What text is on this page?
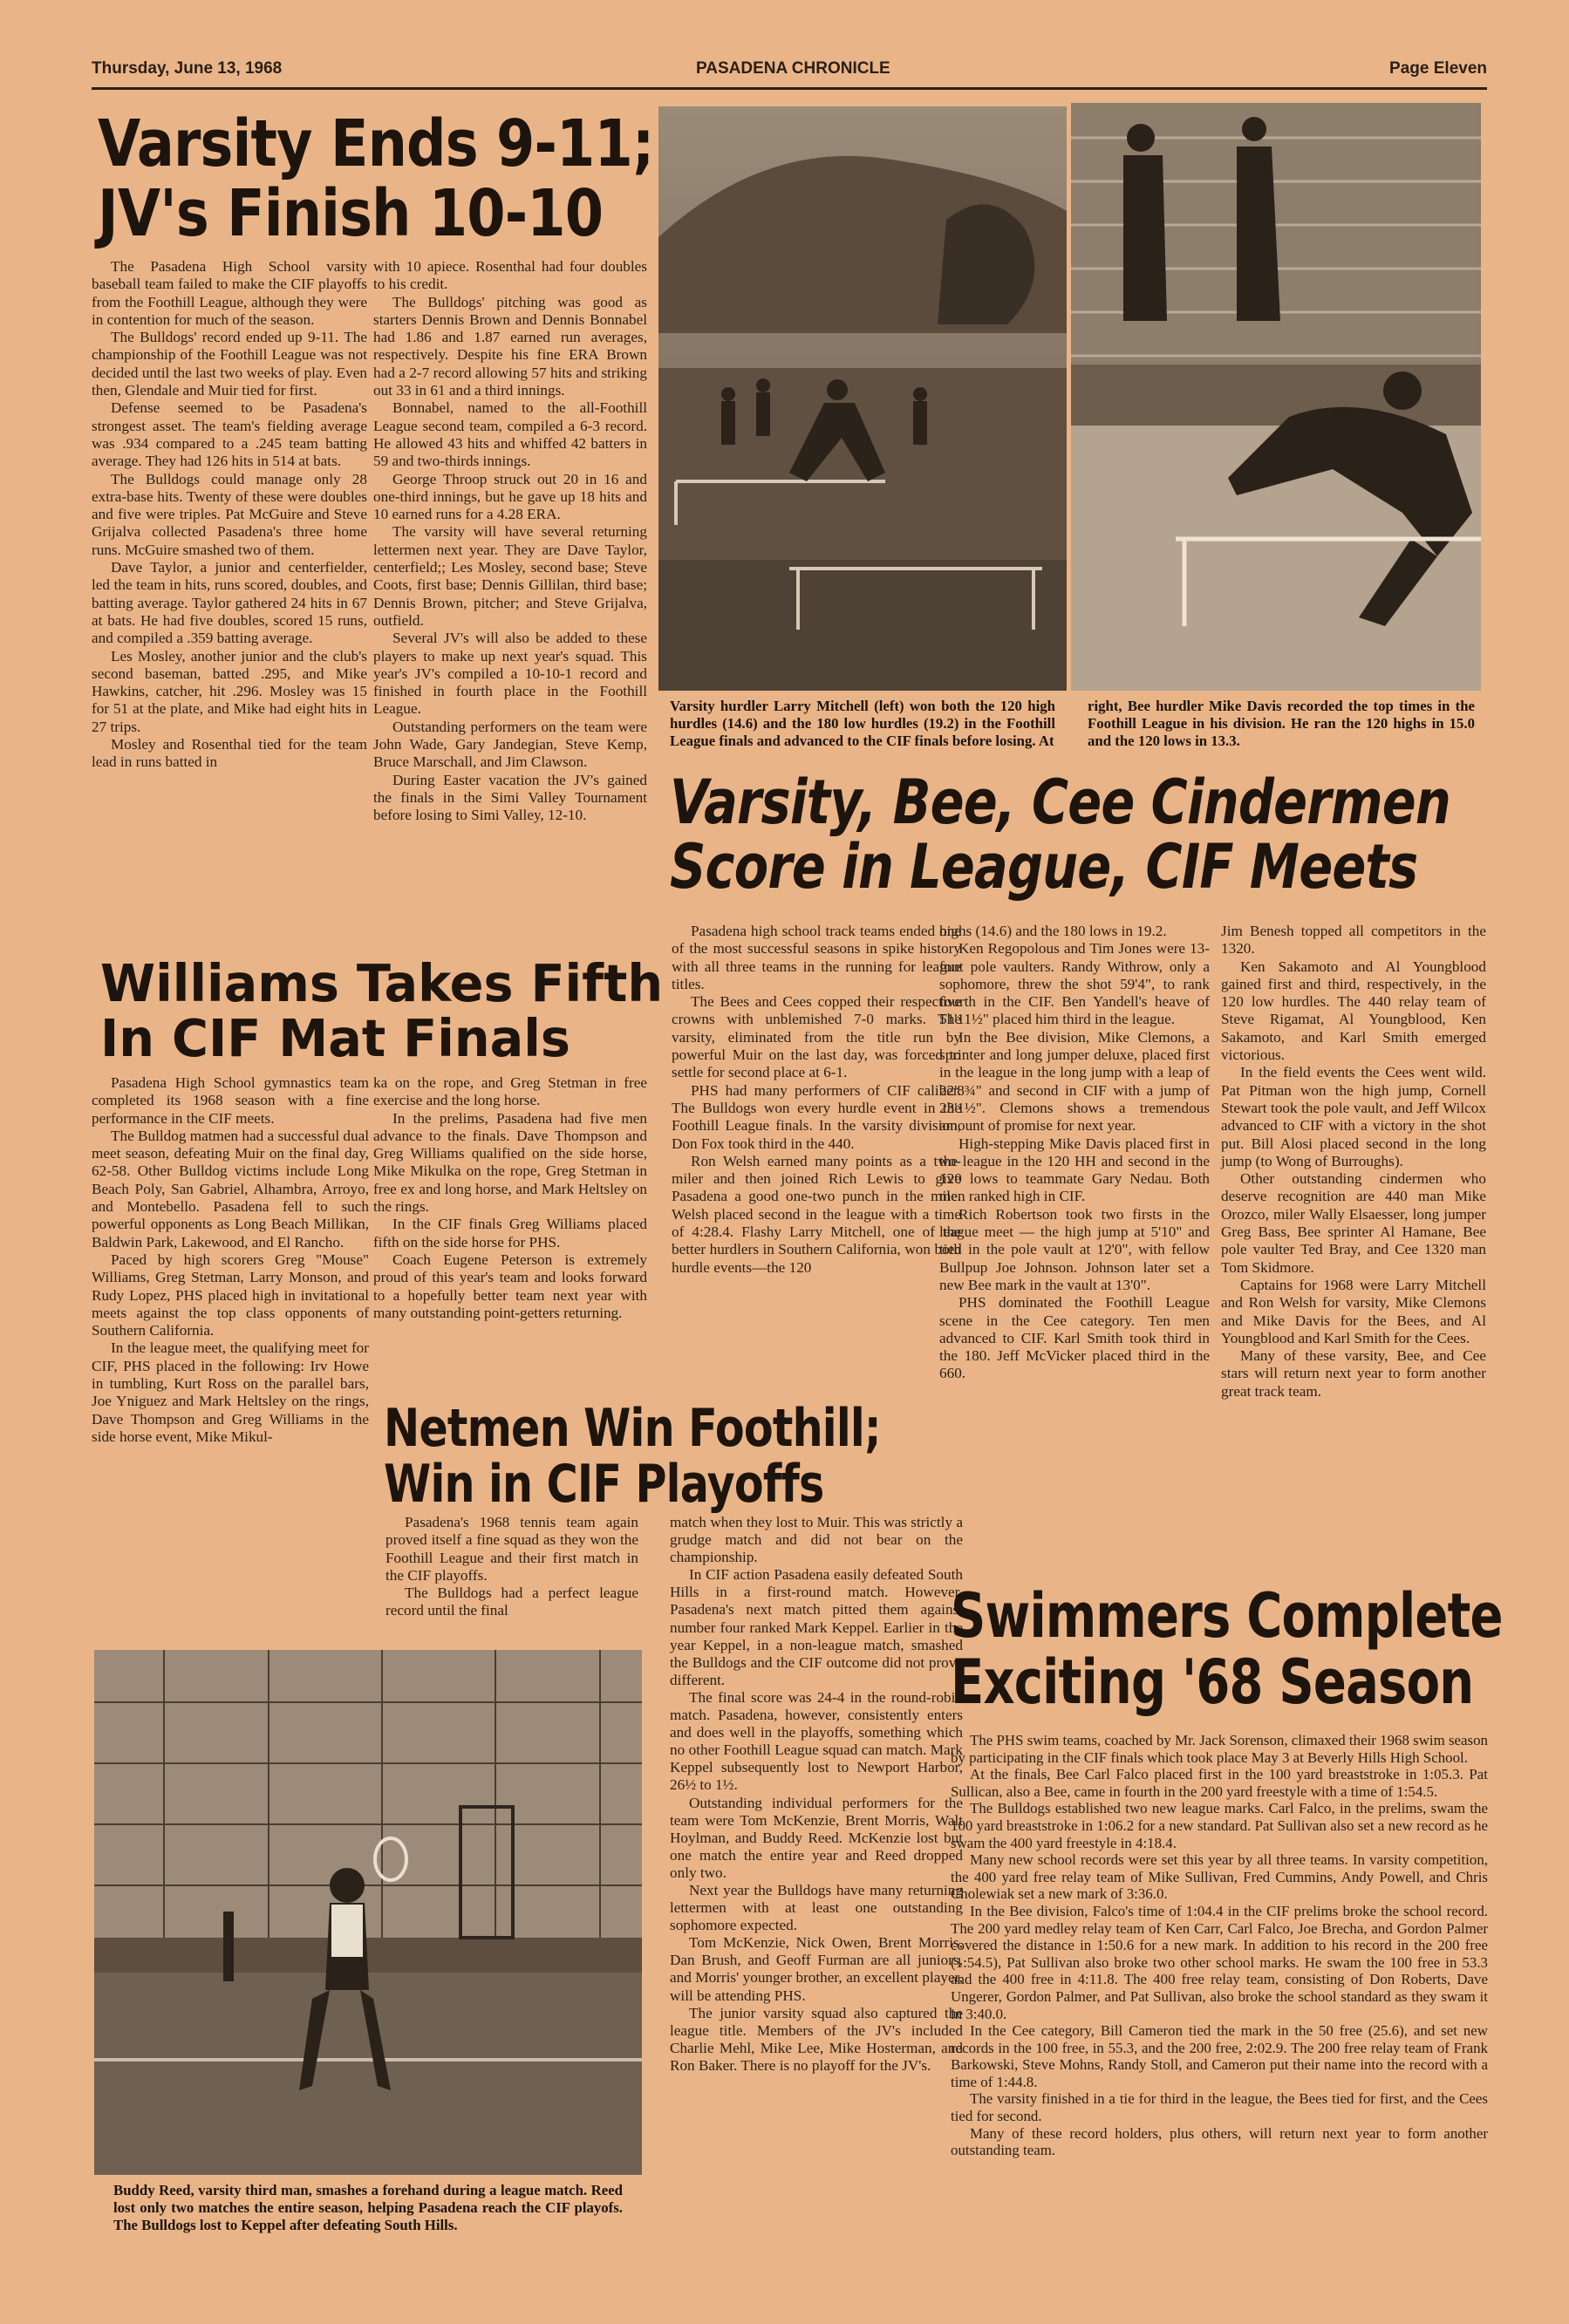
Thursday, June 13, 1968	PASADENA CHRONICLE	Page Eleven
Varsity Ends 9-11;
JV's Finish 10-10

The Pasadena High School varsity baseball team failed to make the CIF playoffs from the Foothill League, although they were in contention for much of the season.

The Bulldogs' record ended up 9-11. The championship of the Foothill League was not decided until the last two weeks of play. Even then, Glendale and Muir tied for first.

Defense seemed to be Pasadena's strongest asset. The team's fielding average was .934 compared to a .245 team batting average. They had 126 hits in 514 at bats.

The Bulldogs could manage only 28 extra-base hits. Twenty of these were doubles and five were triples. Pat McGuire and Steve Grijalva collected Pasadena's three home runs. McGuire smashed two of them.

Dave Taylor, a junior and centerfielder, led the team in hits, runs scored, doubles, and batting average. Taylor gathered 24 hits in 67 at bats. He had five doubles, scored 15 runs, and compiled a .359 batting average.

Les Mosley, another junior and the club's second baseman, batted .295, and Mike Hawkins, catcher, hit .296. Mosley was 15 for 51 at the plate, and Mike had eight hits in 27 trips.

Mosley and Rosenthal tied for the team lead in runs batted in

with 10 apiece. Rosenthal had four doubles to his credit.

The Bulldogs' pitching was good as starters Dennis Brown and Dennis Bonnabel had 1.86 and 1.87 earned run averages, respectively. Despite his fine ERA Brown had a 2-7 record allowing 57 hits and striking out 33 in 61 and a third innings.

Bonnabel, named to the all-Foothill League second team, compiled a 6-3 record. He allowed 43 hits and whiffed 42 batters in 59 and two-thirds innings.

George Throop struck out 20 in 16 and one-third innings, but he gave up 18 hits and 10 earned runs for a 4.28 ERA.

The varsity will have several returning lettermen next year. They are Dave Taylor, centerfield;; Les Mosley, second base; Steve Coots, first base; Dennis Gillilan, third base; Dennis Brown, pitcher; and Steve Grijalva, outfield.

Several JV's will also be added to these players to make up next year's squad. This year's JV's compiled a 10-10-1 record and finished in fourth place in the Foothill League.

Outstanding performers on the team were John Wade, Gary Jandegian, Steve Kemp, Bruce Marschall, and Jim Clawson.

During Easter vacation the JV's gained the finals in the Simi Valley Tournament before losing to Simi Valley, 12-10.

Varsity hurdler Larry Mitchell (left) won both the 120 high hurdles (14.6) and the 180 low hurdles (19.2) in the Foothill League finals and advanced to the CIF finals before losing. At
right, Bee hurdler Mike Davis recorded the top times in the Foothill League in his division. He ran the 120 highs in 15.0 and the 120 lows in 13.3.
Varsity, Bee, Cee Cindermen
Score in League, CIF Meets

Pasadena high school track teams ended one of the most successful seasons in spike history with all three teams in the running for league titles.

The Bees and Cees copped their respective crowns with unblemished 7-0 marks. The varsity, eliminated from the title run by powerful Muir on the last day, was forced to settle for second place at 6-1.

PHS had many performers of CIF caliber. The Bulldogs won every hurdle event in the Foothill League finals. In the varsity division, Don Fox took third in the 440.

Ron Welsh earned many points as a two-miler and then joined Rich Lewis to give Pasadena a good one-two punch in the mile. Welsh placed second in the league with a time of 4:28.4. Flashy Larry Mitchell, one of the better hurdlers in Southern California, won both hurdle events—the 120

highs (14.6) and the 180 lows in 19.2.

Ken Regopolous and Tim Jones were 13-foot pole vaulters. Randy Withrow, only a sophomore, threw the shot 59'4", to rank fourth in the CIF. Ben Yandell's heave of 51'11½" placed him third in the league.

In the Bee division, Mike Clemons, a sprinter and long jumper deluxe, placed first in the league in the long jump with a leap of 22'8¾" and second in CIF with a jump of 23'1½". Clemons shows a tremendous amount of promise for next year.

High-stepping Mike Davis placed first in the league in the 120 HH and second in the 120 lows to teammate Gary Nedau. Both men ranked high in CIF.

Rich Robertson took two firsts in the league meet — the high jump at 5'10" and tied in the pole vault at 12'0", with fellow Bullpup Joe Johnson. Johnson later set a new Bee mark in the vault at 13'0".

PHS dominated the Foothill League scene in the Cee category. Ten men advanced to CIF. Karl Smith took third in the 180. Jeff McVicker placed third in the 660.

Jim Benesh topped all competitors in the 1320.

Ken Sakamoto and Al Youngblood gained first and third, respectively, in the 120 low hurdles. The 440 relay team of Steve Rigamat, Al Youngblood, Ken Sakamoto, and Karl Smith emerged victorious.

In the field events the Cees went wild. Pat Pitman won the high jump, Cornell Stewart took the pole vault, and Jeff Wilcox advanced to CIF with a victory in the shot put. Bill Alosi placed second in the long jump (to Wong of Burroughs).

Other outstanding cindermen who deserve recognition are 440 man Mike Orozco, miler Wally Elsaesser, long jumper Greg Bass, Bee sprinter Al Hamane, Bee pole vaulter Ted Bray, and Cee 1320 man Tom Skidmore.

Captains for 1968 were Larry Mitchell and Ron Welsh for varsity, Mike Clemons and Mike Davis for the Bees, and Al Youngblood and Karl Smith for the Cees.

Many of these varsity, Bee, and Cee stars will return next year to form another great track team.

Williams Takes Fifth
In CIF Mat Finals

Pasadena High School gymnastics team completed its 1968 season with a fine performance in the CIF meets.

The Bulldog matmen had a successful dual meet season, defeating Muir on the final day, 62-58. Other Bulldog victims include Long Beach Poly, San Gabriel, Alhambra, Arroyo, and Montebello. Pasadena fell to such powerful opponents as Long Beach Millikan, Baldwin Park, Lakewood, and El Rancho.

Paced by high scorers Greg "Mouse" Williams, Greg Stetman, Larry Monson, and Rudy Lopez, PHS placed high in invitational meets against the top class opponents of Southern California.

In the league meet, the qualifying meet for CIF, PHS placed in the following: Irv Howe in tumbling, Kurt Ross on the parallel bars, Joe Yniguez and Mark Heltsley on the rings, Dave Thompson and Greg Williams in the side horse event, Mike Mikul-

ka on the rope, and Greg Stetman in free exercise and the long horse.

In the prelims, Pasadena had five men advance to the finals. Dave Thompson and Greg Williams qualified on the side horse, Mike Mikulka on the rope, Greg Stetman in free ex and long horse, and Mark Heltsley on the rings.

In the CIF finals Greg Williams placed fifth on the side horse for PHS.

Coach Eugene Peterson is extremely proud of this year's team and looks forward to a hopefully better team next year with many outstanding point-getters returning.

Netmen Win Foothill;
Win in CIF Playoffs

Pasadena's 1968 tennis team again proved itself a fine squad as they won the Foothill League and their first match in the CIF playoffs.

The Bulldogs had a perfect league record until the final

match when they lost to Muir. This was strictly a grudge match and did not bear on the championship.

In CIF action Pasadena easily defeated South Hills in a first-round match. However, Pasadena's next match pitted them against number four ranked Mark Keppel. Earlier in the year Keppel, in a non-league match, smashed the Bulldogs and the CIF outcome did not prove different.

The final score was 24-4 in the round-robin match. Pasadena, however, consistently enters and does well in the playoffs, something which no other Foothill League squad can match. Mark Keppel subsequently lost to Newport Harbor, 26½ to 1½.

Outstanding individual performers for the team were Tom McKenzie, Brent Morris, Walt Hoylman, and Buddy Reed. McKenzie lost but one match the entire year and Reed dropped only two.

Next year the Bulldogs have many returning lettermen with at least one outstanding sophomore expected.

Tom McKenzie, Nick Owen, Brent Morris, Dan Brush, and Geoff Furman are all juniors, and Morris' younger brother, an excellent player, will be attending PHS.

The junior varsity squad also captured the league title. Members of the JV's included Charlie Mehl, Mike Lee, Mike Hosterman, and Ron Baker. There is no playoff for the JV's.

Buddy Reed, varsity third man, smashes a forehand during a league match. Reed lost only two matches the entire season, helping Pasadena reach the CIF playofs. The Bulldogs lost to Keppel after defeating South Hills.
Swimmers Complete
Exciting '68 Season

The PHS swim teams, coached by Mr. Jack Sorenson, climaxed their 1968 swim season by participating in the CIF finals which took place May 3 at Beverly Hills High School.

At the finals, Bee Carl Falco placed first in the 100 yard breaststroke in 1:05.3. Pat Sullican, also a Bee, came in fourth in the 200 yard freestyle with a time of 1:54.5.

The Bulldogs established two new league marks. Carl Falco, in the prelims, swam the 100 yard breaststroke in 1:06.2 for a new standard. Pat Sullivan also set a new record as he swam the 400 yard freestyle in 4:18.4.

Many new school records were set this year by all three teams. In varsity competition, the 400 yard free relay team of Mike Sullivan, Fred Cummins, Andy Powell, and Chris Cholewiak set a new mark of 3:36.0.

In the Bee division, Falco's time of 1:04.4 in the CIF prelims broke the school record. The 200 yard medley relay team of Ken Carr, Carl Falco, Joe Brecha, and Gordon Palmer covered the distance in 1:50.6 for a new mark. In addition to his record in the 200 free (1:54.5), Pat Sullivan also broke two other school marks. He swam the 100 free in 53.3 and the 400 free in 4:11.8. The 400 free relay team, consisting of Don Roberts, Dave Ungerer, Gordon Palmer, and Pat Sullivan, also broke the school standard as they swam it in 3:40.0.

In the Cee category, Bill Cameron tied the mark in the 50 free (25.6), and set new records in the 100 free, in 55.3, and the 200 free, 2:02.9. The 200 free relay team of Frank Barkowski, Steve Mohns, Randy Stoll, and Cameron put their name into the record with a time of 1:44.8.

The varsity finished in a tie for third in the league, the Bees tied for first, and the Cees tied for second.

Many of these record holders, plus others, will return next year to form another outstanding team.
